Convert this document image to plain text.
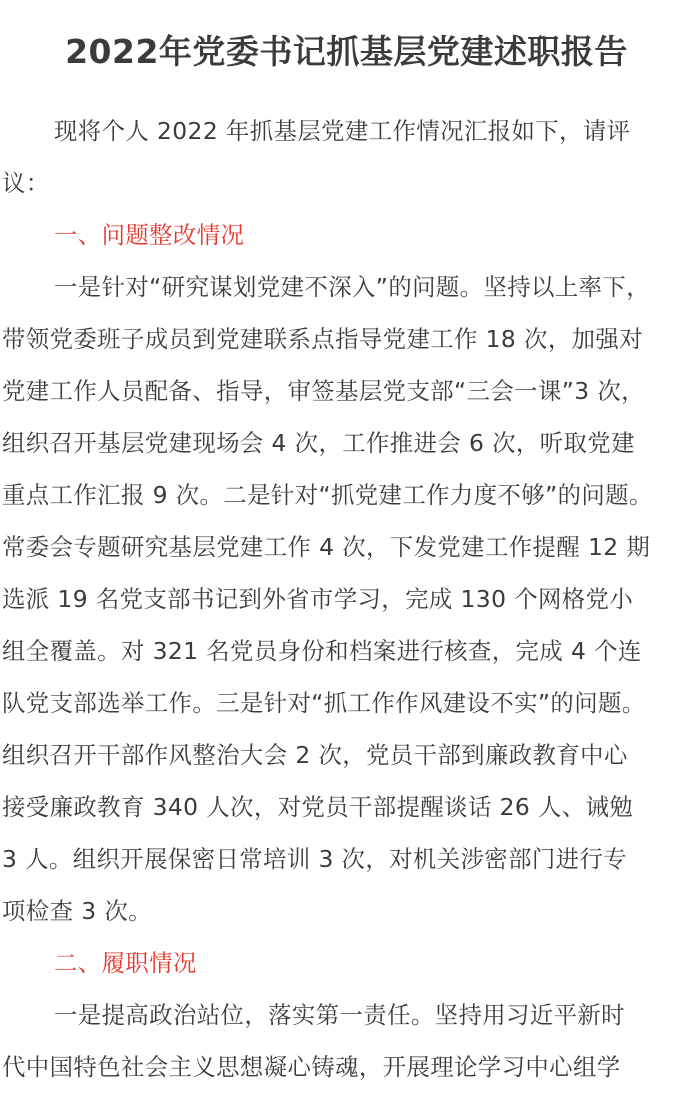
2022年党委书记抓基层党建述职报告
现将个人 2022 年抓基层党建工作情况汇报如下，请评
议：
一、问题整改情况
一是针对“研究谋划党建不深入”的问题。坚持以上率下，
带领党委班子成员到党建联系点指导党建工作 18 次，加强对
党建工作人员配备、指导，审签基层党支部“三会一课”3 次，
组织召开基层党建现场会 4 次，工作推进会 6 次，听取党建
重点工作汇报 9 次。二是针对“抓党建工作力度不够”的问题。
常委会专题研究基层党建工作 4 次，下发党建工作提醒 12 期
选派 19 名党支部书记到外省市学习，完成 130 个网格党小
组全覆盖。对 321 名党员身份和档案进行核查，完成 4 个连
队党支部选举工作。三是针对“抓工作作风建设不实”的问题。
组织召开干部作风整治大会 2 次，党员干部到廉政教育中心
接受廉政教育 340 人次，对党员干部提醒谈话 26 人、诫勉
3 人。组织开展保密日常培训 3 次，对机关涉密部门进行专
项检查 3 次。
二、履职情况
一是提高政治站位，落实第一责任。坚持用习近平新时
代中国特色社会主义思想凝心铸魂，开展理论学习中心组学
